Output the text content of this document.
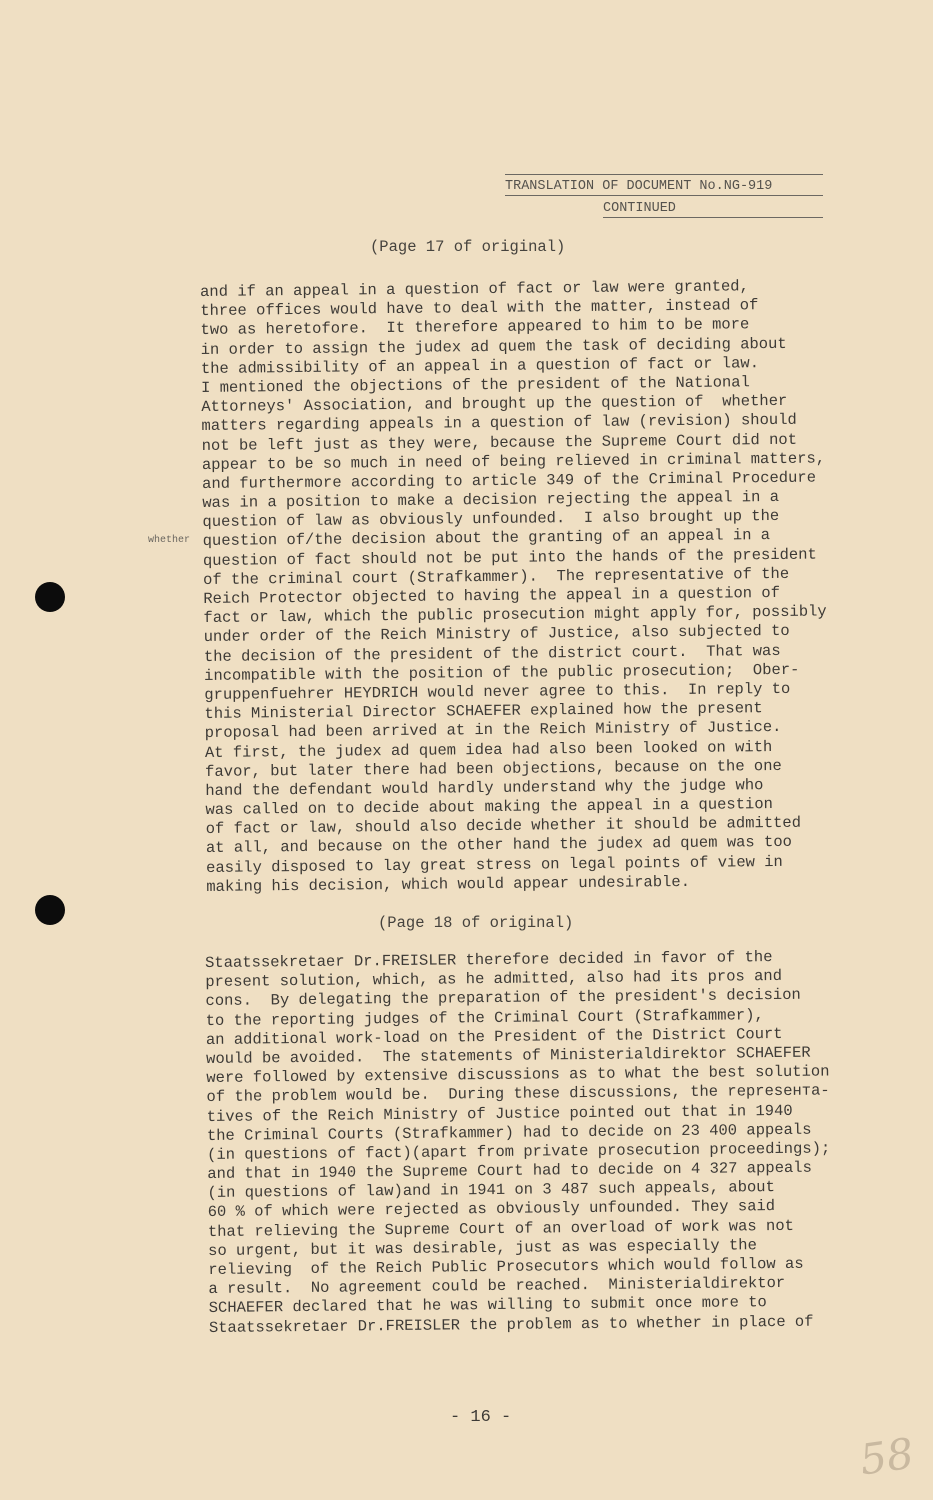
TRANSLATION OF DOCUMENT No.NG-919
CONTINUED
(Page 17 of original)
and if an appeal in a question of fact or law were granted,
three offices would have to deal with the matter, instead of
two as heretofore.  It therefore appeared to him to be more
in order to assign the judex ad quem the task of deciding about
the admissibility of an appeal in a question of fact or law.
I mentioned the objections of the president of the National
Attorneys' Association, and brought up the question of  whether
matters regarding appeals in a question of law (revision) should
not be left just as they were, because the Supreme Court did not
appear to be so much in need of being relieved in criminal matters,
and furthermore according to article 349 of the Criminal Procedure
was in a position to make a decision rejecting the appeal in a
question of law as obviously unfounded.  I also brought up the
question of/the decision about the granting of an appeal in a
question of fact should not be put into the hands of the president
of the criminal court (Strafkammer).  The representative of the
Reich Protector objected to having the appeal in a question of
fact or law, which the public prosecution might apply for, possibly
under order of the Reich Ministry of Justice, also subjected to
the decision of the president of the district court.  That was
incompatible with the position of the public prosecution;  Ober-
gruppenfuehrer HEYDRICH would never agree to this.  In reply to
this Ministerial Director SCHAEFER explained how the present
proposal had been arrived at in the Reich Ministry of Justice.
At first, the judex ad quem idea had also been looked on with
favor, but later there had been objections, because on the one
hand the defendant would hardly understand why the judge who
was called on to decide about making the appeal in a question
of fact or law, should also decide whether it should be admitted
at all, and because on the other hand the judex ad quem was too
easily disposed to lay great stress on legal points of view in
making his decision, which would appear undesirable.
whether
(Page 18 of original)
Staatssekretaer Dr.FREISLER therefore decided in favor of the
present solution, which, as he admitted, also had its pros and
cons.  By delegating the preparation of the president's decision
to the reporting judges of the Criminal Court (Strafkammer),
an additional work-load on the President of the District Court
would be avoided.  The statements of Ministerialdirektor SCHAEFER
were followed by extensive discussions as to what the best solution
of the problem would be.  During these discussions, the represента-
tives of the Reich Ministry of Justice pointed out that in 1940
the Criminal Courts (Strafkammer) had to decide on 23 400 appeals
(in questions of fact)(apart from private prosecution proceedings);
and that in 1940 the Supreme Court had to decide on 4 327 appeals
(in questions of law)and in 1941 on 3 487 such appeals, about
60 % of which were rejected as obviously unfounded. They said
that relieving the Supreme Court of an overload of work was not
so urgent, but it was desirable, just as was especially the
relieving  of the Reich Public Prosecutors which would follow as
a result.  No agreement could be reached.  Ministerialdirektor
SCHAEFER declared that he was willing to submit once more to
Staatssekretaer Dr.FREISLER the problem as to whether in place of
- 16 -
58
